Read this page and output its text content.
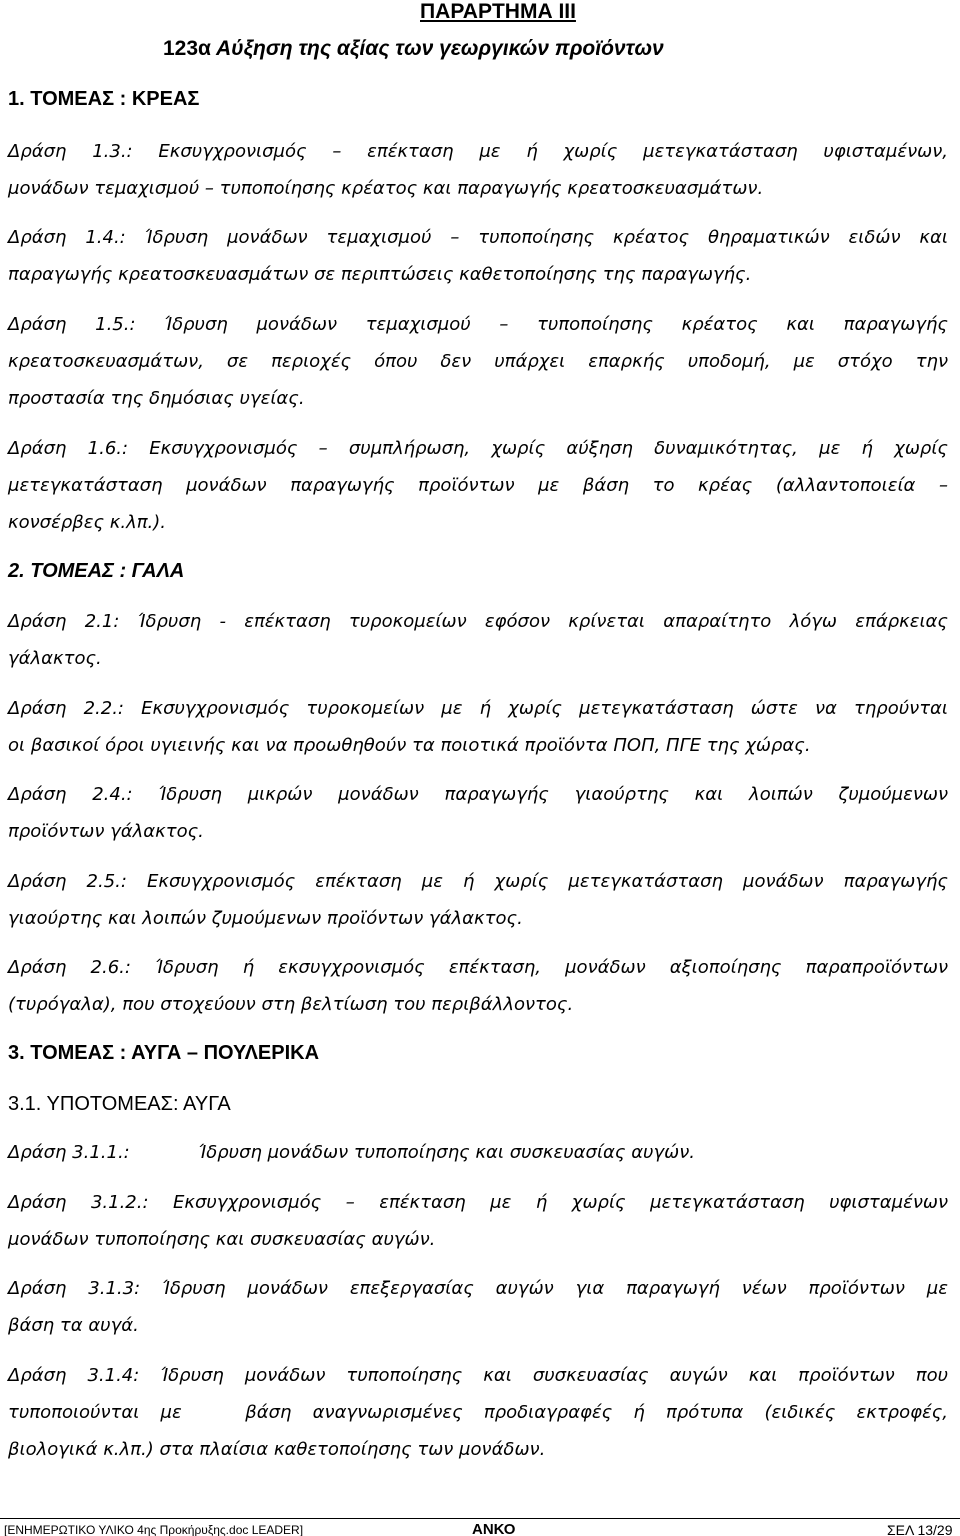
ΠΑΡΑΡΤΗΜΑ ΙΙΙ
123α Αύξηση της αξίας των γεωργικών προϊόντων
1. ΤΟΜΕΑΣ : ΚΡΕΑΣ
Δράση 1.3.: Εκσυγχρονισμός – επέκταση με ή χωρίς μετεγκατάσταση υφισταμένων,
μονάδων τεμαχισμού – τυποποίησης κρέατος και παραγωγής κρεατοσκευασμάτων.
Δράση 1.4.: Ίδρυση μονάδων τεμαχισμού – τυποποίησης κρέατος θηραματικών ειδών και
παραγωγής κρεατοσκευασμάτων σε περιπτώσεις καθετοποίησης της παραγωγής.
Δράση 1.5.: Ίδρυση μονάδων τεμαχισμού – τυποποίησης κρέατος και παραγωγής
κρεατοσκευασμάτων, σε περιοχές όπου δεν υπάρχει επαρκής υποδομή, με στόχο την
προστασία της δημόσιας υγείας.
Δράση 1.6.: Εκσυγχρονισμός – συμπλήρωση, χωρίς αύξηση δυναμικότητας, με ή χωρίς
μετεγκατάσταση μονάδων παραγωγής προϊόντων με βάση το κρέας (αλλαντοποιεία –
κονσέρβες κ.λπ.).
2. ΤΟΜΕΑΣ : ΓΑΛΑ
Δράση 2.1: Ίδρυση - επέκταση τυροκομείων εφόσον κρίνεται απαραίτητο λόγω επάρκειας
γάλακτος.
Δράση 2.2.: Εκσυγχρονισμός τυροκομείων με ή χωρίς μετεγκατάσταση ώστε να τηρούνται
οι βασικοί όροι υγιεινής και να προωθηθούν τα ποιοτικά προϊόντα ΠΟΠ, ΠΓΕ της χώρας.
Δράση 2.4.: Ίδρυση μικρών μονάδων παραγωγής γιαούρτης και λοιπών ζυμούμενων
προϊόντων γάλακτος.
Δράση 2.5.: Εκσυγχρονισμός επέκταση με ή χωρίς μετεγκατάσταση μονάδων παραγωγής
γιαούρτης και λοιπών ζυμούμενων προϊόντων γάλακτος.
Δράση 2.6.: Ίδρυση ή εκσυγχρονισμός επέκταση, μονάδων αξιοποίησης παραπροϊόντων
(τυρόγαλα), που στοχεύουν στη βελτίωση του περιβάλλοντος.
3. ΤΟΜΕΑΣ : ΑΥΓΑ – ΠΟΥΛΕΡΙΚΑ
3.1. ΥΠΟΤΟΜΕΑΣ: ΑΥΓΑ
Δράση 3.1.1.:            Ίδρυση μονάδων τυποποίησης και συσκευασίας αυγών.
Δράση 3.1.2.: Εκσυγχρονισμός – επέκταση με ή χωρίς μετεγκατάσταση υφισταμένων
μονάδων τυποποίησης και συσκευασίας αυγών.
Δράση 3.1.3: Ίδρυση μονάδων επεξεργασίας αυγών για παραγωγή νέων προϊόντων με
βάση τα αυγά.
Δράση 3.1.4: Ίδρυση μονάδων τυποποίησης και συσκευασίας αυγών και προϊόντων που
τυποποιούνται με   βάση αναγνωρισμένες προδιαγραφές ή πρότυπα (ειδικές εκτροφές,
βιολογικά κ.λπ.) στα πλαίσια καθετοποίησης των μονάδων.
[ΕΝΗΜΕΡΩΤΙΚΟ ΥΛΙΚΟ 4ης Προκήρυξης.doc LEADER]	ΑΝΚΟ	ΣΕΛ 13/29
